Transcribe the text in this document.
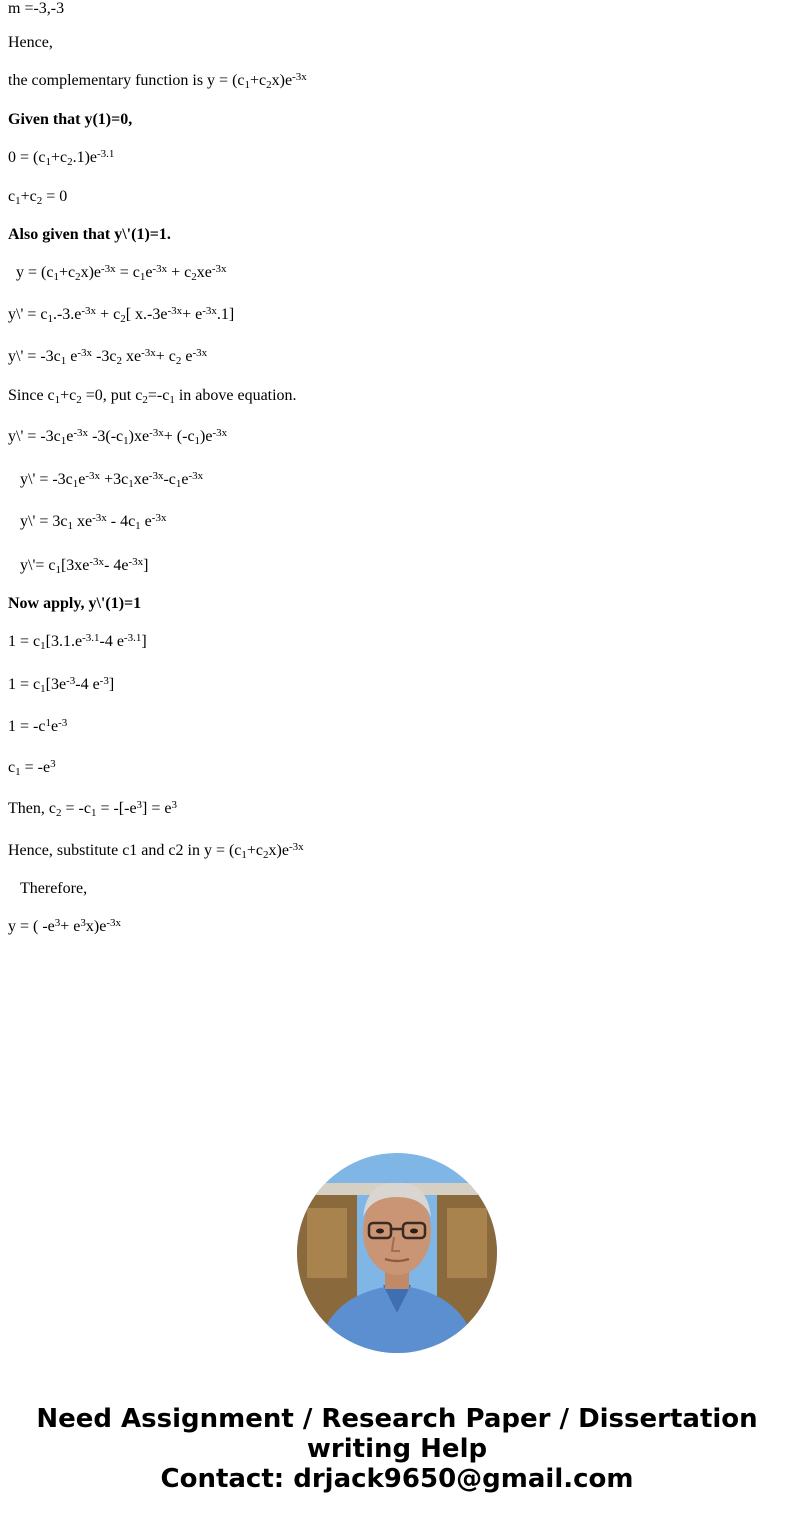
m =-3,-3
Hence,
the complementary function is $y = (c_1+c_2x)e^{-3x}$
Given that y(1)=0,
$0 = (c_1+c_2.1)e^{-3.1}$
$c_1+c_2 = 0$
Also given that y\'(1)=1.
$y = (c_1+c_2x)e^{-3x} = c_1e^{-3x} + c_2xe^{-3x}$
y\' = $c_1.-3.e^{-3x} + c_2$[ $x.-3e^{-3x}+ e^{-3x}.1$]
y\' = $-3c_1$ $e^{-3x}$ $-3c_2$ $xe^{-3x}+ c_2$ $e^{-3x}$
Since $c_1+c_2 =0$, put $c_2=-c_1$ in above equation.
y\' = $-3c_1e^{-3x}$ $-3(-c_1)xe^{-3x}+ (-c_1)e^{-3x}$
y\' = $-3c_1e^{-3x} +3c_1xe^{-3x}-c_1e^{-3x}$
y\' = $3c_1$ $xe^{-3x} - 4c_1$ $e^{-3x}$
y\'= $c_1[3xe^{-3x}-$ $4e^{-3x}$]
Now apply, y\'(1)=1
$1 = c_1[3.1.e^{-3.1}-4$ $e^{-3.1}$]
$1 = c_1[3e^{-3}-4$ $e^{-3}$]
$1 = -c^1e^{-3}$
$c_1 = -e^3$
Then, $c_2 = -c_1 = -[-e^3] = e^3$
Hence, substitute c1 and c2 in $y = (c_1+c_2x)e^{-3x}$
Therefore,
y = ( $-e^3+ e^3x)e^{-3x}$
Need Assignment / Research Paper / Dissertation
writing Help
Contact: drjack9650@gmail.com
